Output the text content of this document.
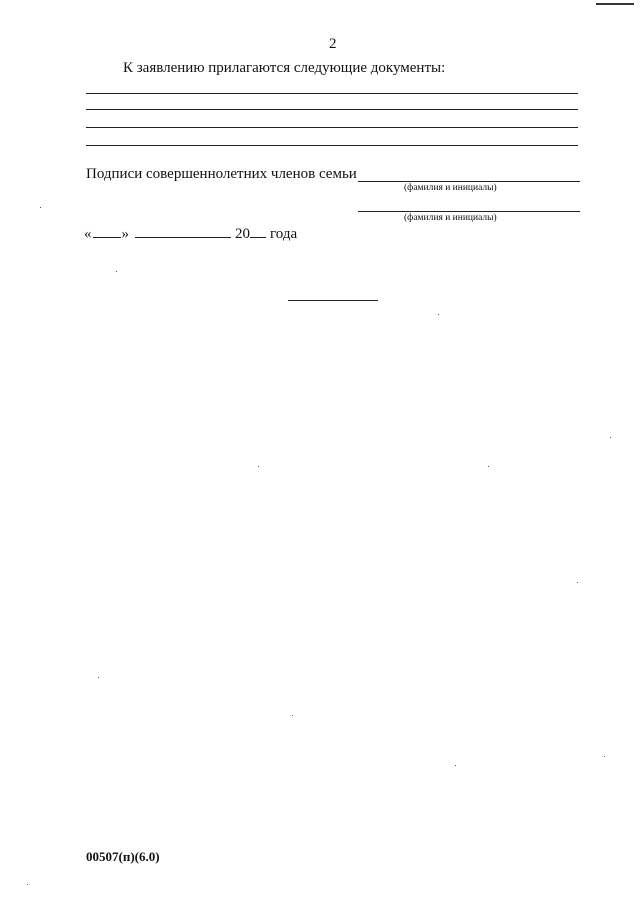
2
К заявлению прилагаются следующие документы:
Подписи совершеннолетних членов семьи
(фамилия и инициалы)
(фамилия и инициалы)
« »	20 года
00507(п)(6.0)
